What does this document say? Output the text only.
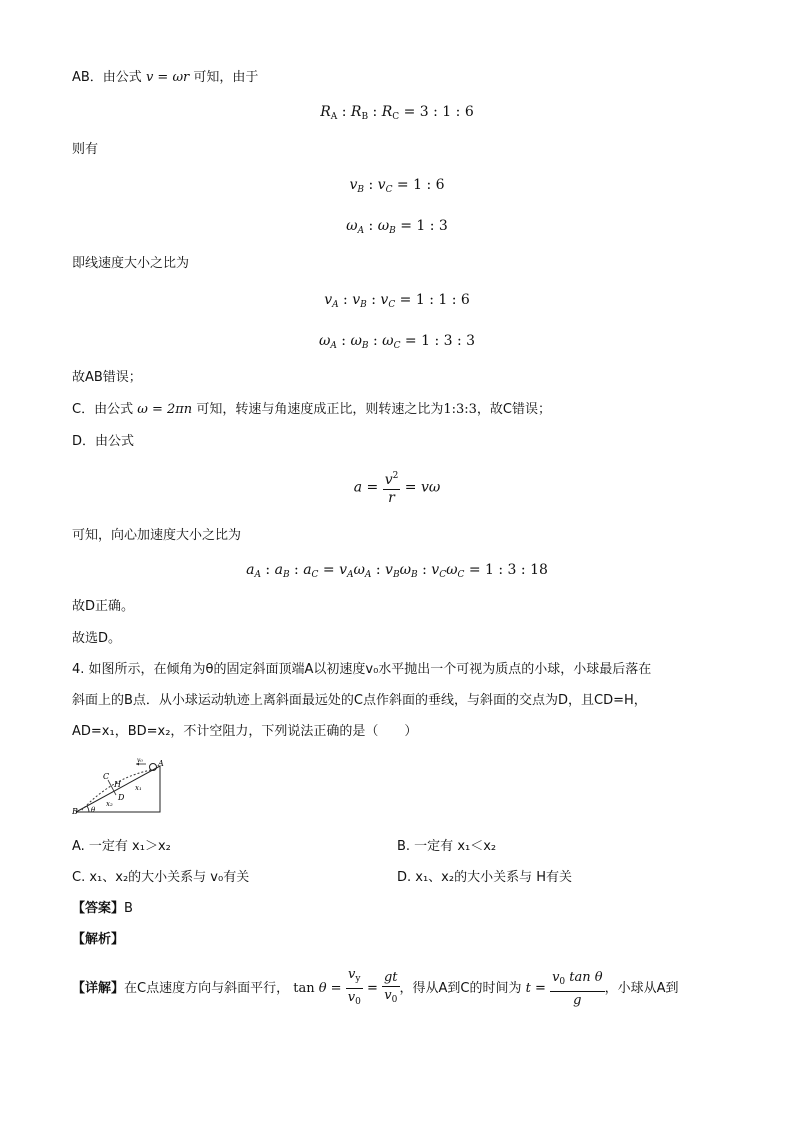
AB．由公式 v = ωr 可知，由于
$R_A$ : $R_B$ : $R_C = 3$ : 1 : 6
则有
$v_B$ : $v_C = 1$ : 6
$\omega_A$ : $\omega_B = 1$ : 3
即线速度大小之比为
$v_A$ : $v_B$ : $v_C = 1$ : 1 : 6
$\omega_A$ : $\omega_B$ : $\omega_C = 1$ : 3 : 3
故AB错误；
C．由公式 ω = 2πn 可知，转速与角速度成正比，则转速之比为1:3:3，故C错误；
D．由公式
$a = \frac{v^2}{r} = v\omega$
可知，向心加速度大小之比为
$a_A$ : $a_B$ : $a_C = v_A\omega_A$ : $v_B\omega_B$ : $v_C\omega_C = 1$ : 3 : 18
故D正确。
故选D。
4. 如图所示，在倾角为θ的固定斜面顶端A以初速度v₀水平抛出一个可视为质点的小球，小球最后落在
斜面上的B点．从小球运动轨迹上离斜面最远处的C点作斜面的垂线，与斜面的交点为D，且CD=H，
AD=x₁，BD=x₂，不计空阻力，下列说法正确的是（　　）
A
B
C
D
H x₁
x₂
θ
v₀
A. 一定有 x₁＞x₂	B. 一定有 x₁＜x₂
C. x₁、x₂的大小关系与 v₀有关	D. x₁、x₂的大小关系与 H有关
【答案】B
【解析】
【详解】在C点速度方向与斜面平行， $\tan \theta = \frac{v_y}{v_0} = \frac{gt}{v_0}$ ，得从A到C的时间为 $t = \frac{v_0 \tan \theta}{g}$ ，小球从A到
